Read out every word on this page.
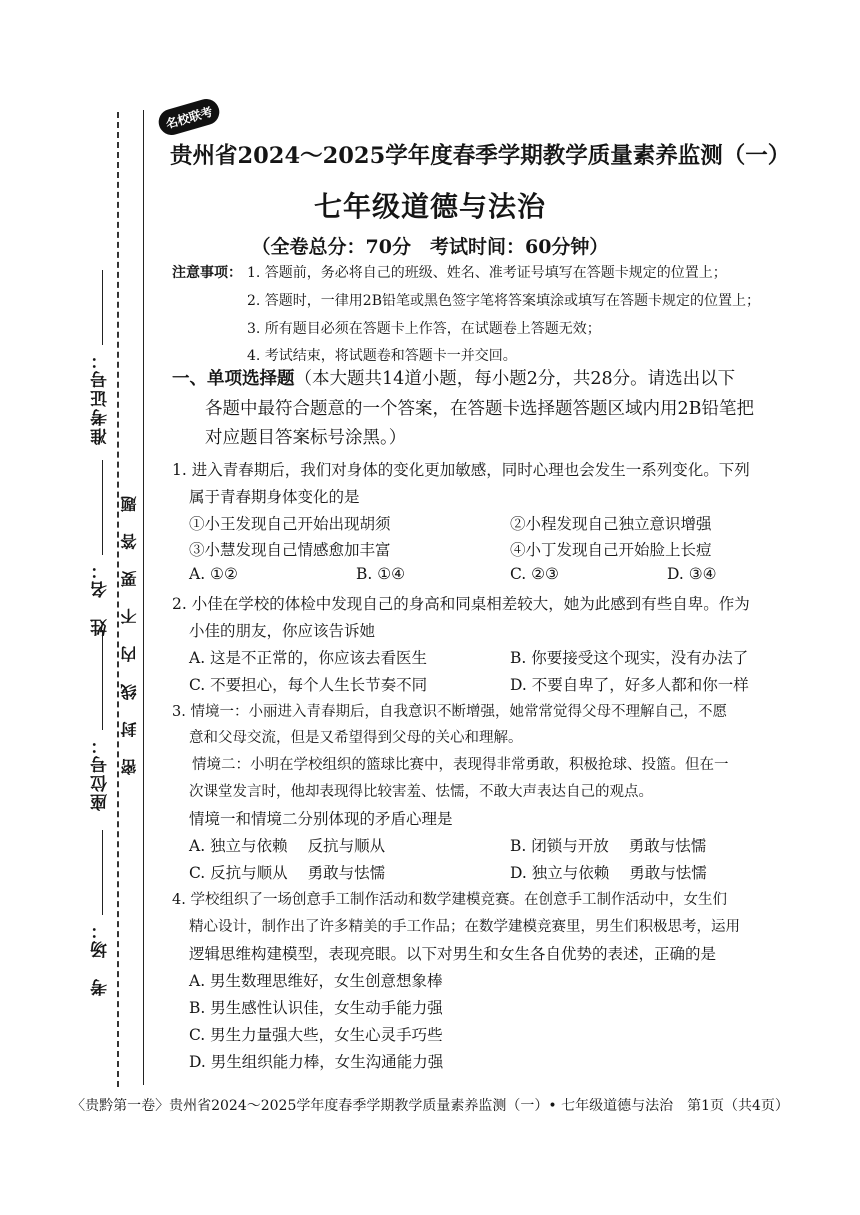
考　场：
座位号：
姓　名：
准考证号：
密 封 线 内 不 要 答 题
名校联考
贵州省2024～2025学年度春季学期教学质量素养监测（一）
七年级道德与法治
（全卷总分：70分　考试时间：60分钟）
注意事项： 1. 答题前，务必将自己的班级、姓名、准考证号填写在答题卡规定的位置上；
2. 答题时，一律用2B铅笔或黑色签字笔将答案填涂或填写在答题卡规定的位置上；
3. 所有题目必须在答题卡上作答，在试题卷上答题无效；
4. 考试结束，将试题卷和答题卡一并交回。
一、单项选择题（本大题共14道小题，每小题2分，共28分。请选出以下
各题中最符合题意的一个答案，在答题卡选择题答题区域内用2B铅笔把
对应题目答案标号涂黑。）
1. 进入青春期后，我们对身体的变化更加敏感，同时心理也会发生一系列变化。下列
属于青春期身体变化的是
①小王发现自己开始出现胡须	②小程发现自己独立意识增强
③小慧发现自己情感愈加丰富	④小丁发现自己开始脸上长痘
A. ①②	B. ①④	C. ②③	D. ③④
2. 小佳在学校的体检中发现自己的身高和同桌相差较大，她为此感到有些自卑。作为
小佳的朋友，你应该告诉她
A. 这是不正常的，你应该去看医生	B. 你要接受这个现实，没有办法了
C. 不要担心，每个人生长节奏不同	D. 不要自卑了，好多人都和你一样
3. 情境一：小丽进入青春期后，自我意识不断增强，她常常觉得父母不理解自己，不愿
意和父母交流，但是又希望得到父母的关心和理解。
情境二：小明在学校组织的篮球比赛中，表现得非常勇敢，积极抢球、投篮。但在一
次课堂发言时，他却表现得比较害羞、怯懦，不敢大声表达自己的观点。
情境一和情境二分别体现的矛盾心理是
A. 独立与依赖 反抗与顺从	B. 闭锁与开放 勇敢与怯懦
C. 反抗与顺从 勇敢与怯懦	D. 独立与依赖 勇敢与怯懦
4. 学校组织了一场创意手工制作活动和数学建模竞赛。在创意手工制作活动中，女生们
精心设计，制作出了许多精美的手工作品；在数学建模竞赛里，男生们积极思考，运用
逻辑思维构建模型，表现亮眼。以下对男生和女生各自优势的表述，正确的是
A. 男生数理思维好，女生创意想象棒
B. 男生感性认识佳，女生动手能力强
C. 男生力量强大些，女生心灵手巧些
D. 男生组织能力棒，女生沟通能力强
〈贵黔第一卷〉贵州省2024～2025学年度春季学期教学质量素养监测（一）• 七年级道德与法治　第1页（共4页）
